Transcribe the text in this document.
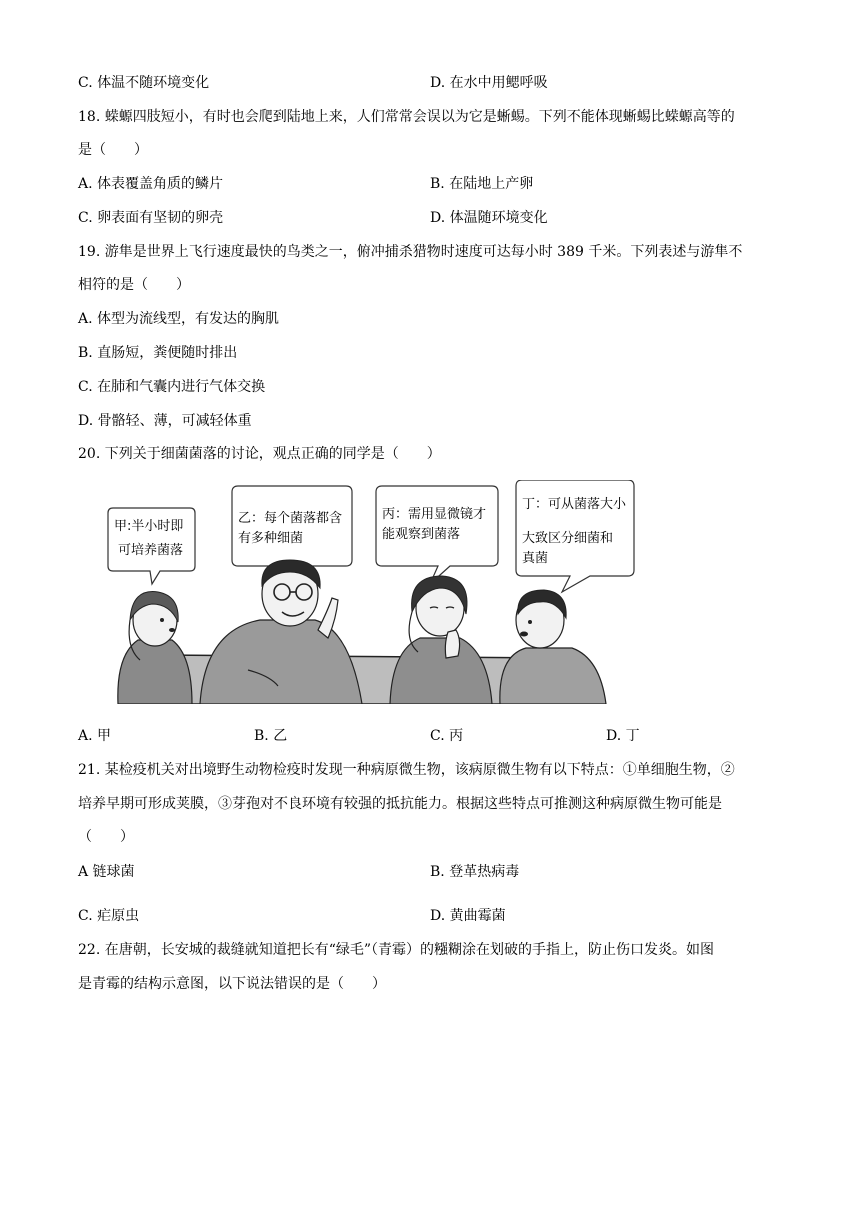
C. 体温不随环境变化	D. 在水中用鳃呼吸
18. 蝾螈四肢短小，有时也会爬到陆地上来，人们常常会误以为它是蜥蜴。下列不能体现蜥蜴比蝾螈高等的
是（　　）
A. 体表覆盖角质的鳞片	B. 在陆地上产卵
C. 卵表面有坚韧的卵壳	D. 体温随环境变化
19. 游隼是世界上飞行速度最快的鸟类之一，俯冲捕杀猎物时速度可达每小时 389 千米。下列表述与游隼不
相符的是（　　）
A. 体型为流线型，有发达的胸肌
B. 直肠短，粪便随时排出
C. 在肺和气囊内进行气体交换
D. 骨骼轻、薄，可减轻体重
20. 下列关于细菌菌落的讨论，观点正确的同学是（　　）
甲:半小时即
可培养菌落
乙：每个菌落都含
有多种细菌
丙：需用显微镜才
能观察到菌落
丁：可从菌落大小
大致区分细菌和
真菌
A. 甲	B. 乙	C. 丙	D. 丁
21. 某检疫机关对出境野生动物检疫时发现一种病原微生物，该病原微生物有以下特点：①单细胞生物，②
培养早期可形成荚膜，③芽孢对不良环境有较强的抵抗能力。根据这些特点可推测这种病原微生物可能是
（　　）
A 链球菌	B. 登革热病毒
C. 疟原虫	D. 黄曲霉菌
22. 在唐朝，长安城的裁缝就知道把长有“绿毛”（青霉）的糨糊涂在划破的手指上，防止伤口发炎。如图
是青霉的结构示意图，以下说法错误的是（　　）
